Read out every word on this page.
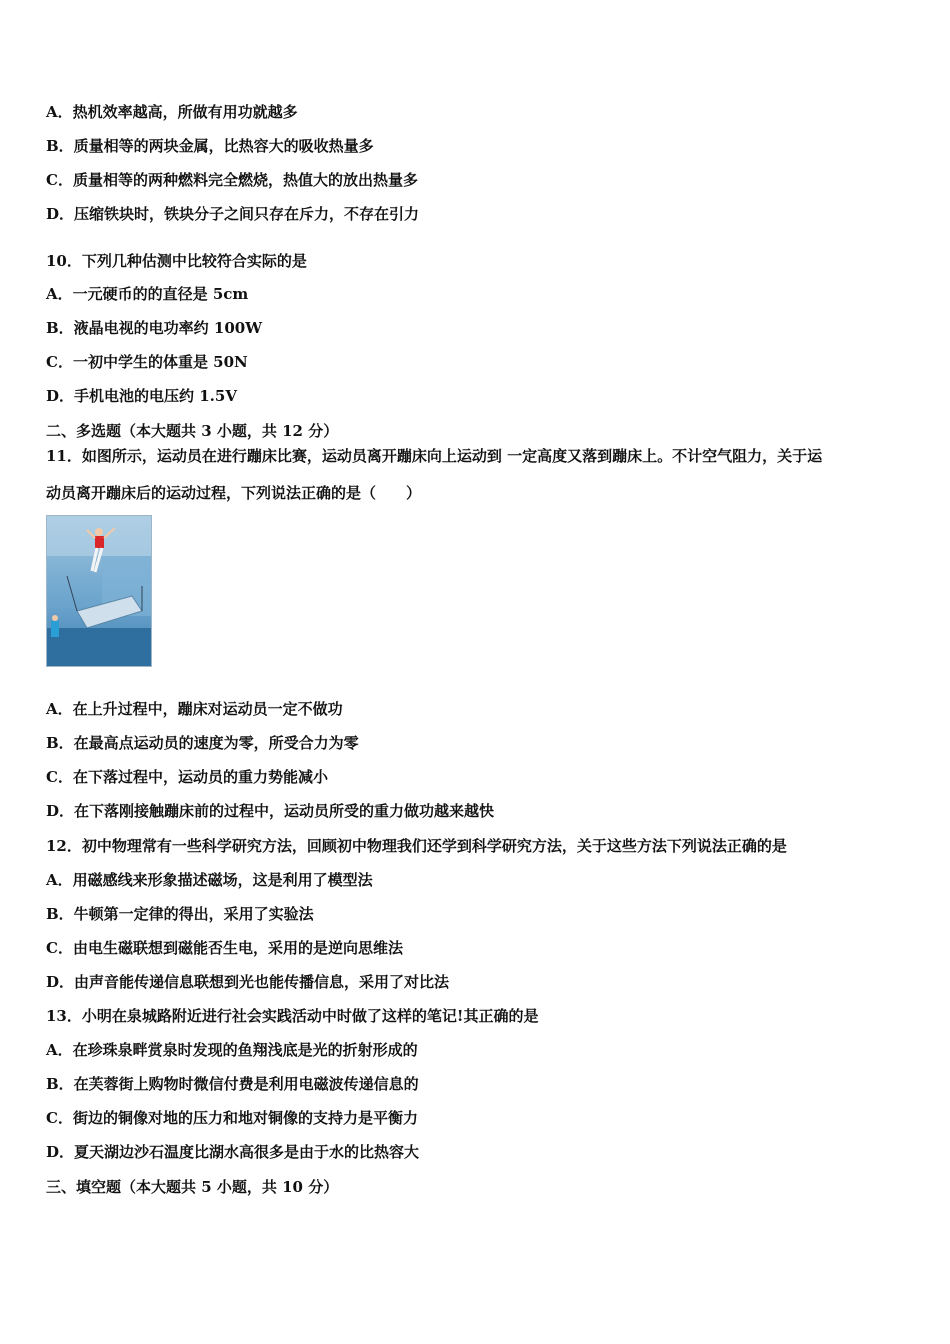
A．热机效率越高，所做有用功就越多
B．质量相等的两块金属，比热容大的吸收热量多
C．质量相等的两种燃料完全燃烧，热值大的放出热量多
D．压缩铁块时，铁块分子之间只存在斥力，不存在引力
10．下列几种估测中比较符合实际的是
A．一元硬币的的直径是 5cm
B．液晶电视的电功率约 100W
C．一初中学生的体重是 50N
D．手机电池的电压约 1.5V
二、多选题（本大题共 3 小题，共 12 分）
11．如图所示，运动员在进行蹦床比赛，运动员离开蹦床向上运动到 一定高度又落到蹦床上。不计空气阻力，关于运
动员离开蹦床后的运动过程，下列说法正确的是（　　）
A．在上升过程中，蹦床对运动员一定不做功
B．在最高点运动员的速度为零，所受合力为零
C．在下落过程中，运动员的重力势能减小
D．在下落刚接触蹦床前的过程中，运动员所受的重力做功越来越快
12．初中物理常有一些科学研究方法，回顾初中物理我们还学到科学研究方法，关于这些方法下列说法正确的是
A．用磁感线来形象描述磁场，这是利用了模型法
B．牛顿第一定律的得出，采用了实验法
C．由电生磁联想到磁能否生电，采用的是逆向思维法
D．由声音能传递信息联想到光也能传播信息，采用了对比法
13．小明在泉城路附近进行社会实践活动中时做了这样的笔记!其正确的是
A．在珍珠泉畔赏泉时发现的鱼翔浅底是光的折射形成的
B．在芙蓉街上购物时微信付费是利用电磁波传递信息的
C．街边的铜像对地的压力和地对铜像的支持力是平衡力
D．夏天湖边沙石温度比湖水高很多是由于水的比热容大
三、填空题（本大题共 5 小题，共 10 分）
